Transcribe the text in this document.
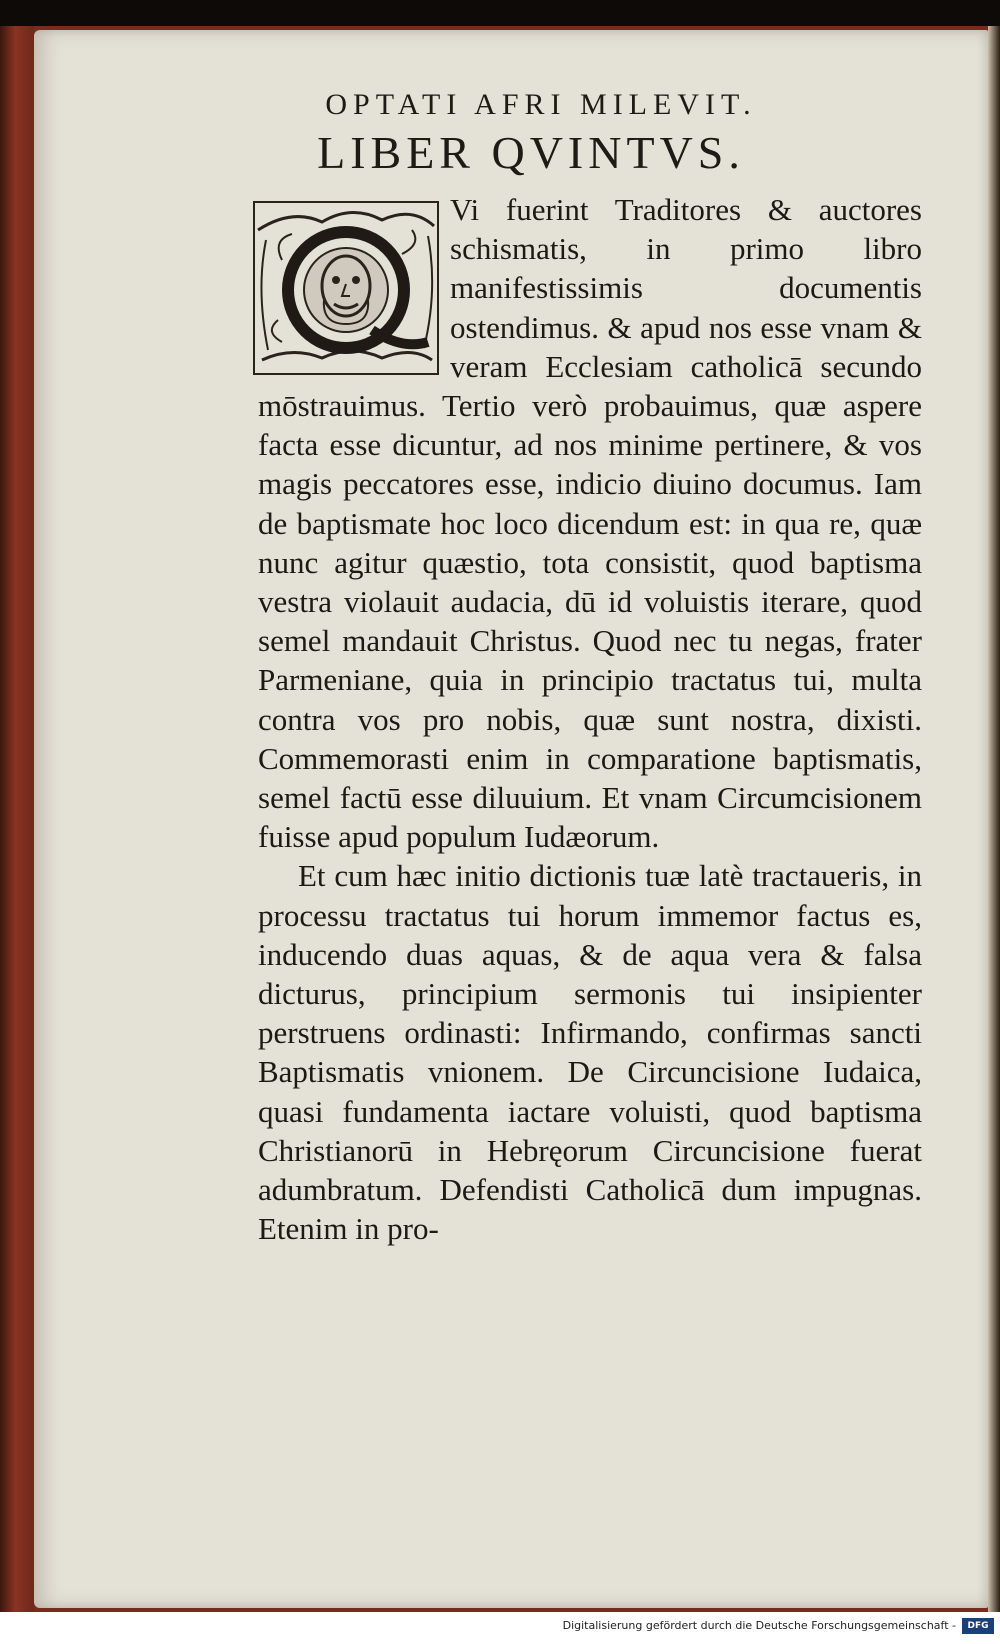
OPTATI AFRI MILEVIT.
LIBER QVINTVS.

Vi fuerint Traditores & auctores schismatis, in primo libro manifestissimis documentis ostendimus. & apud nos esse vnam & veram Ecclesiam catholicā secundo mōstrauimus. Tertio verò probauimus, quæ aspere facta esse dicuntur, ad nos minime pertinere, & vos magis peccatores esse, indicio diuino documus. Iam de baptismate hoc loco dicendum est: in qua re, quæ nunc agitur quæstio, tota consistit, quod baptisma vestra violauit audacia, dū id voluistis iterare, quod semel mandauit Christus. Quod nec tu negas, frater Parmeniane, quia in principio tractatus tui, multa contra vos pro nobis, quæ sunt nostra, dixisti. Commemorasti enim in comparatione baptismatis, semel factū esse diluuium. Et vnam Circumcisionem fuisse apud populum Iudæorum.

Et cum hæc initio dictionis tuæ latè tractaueris, in processu tractatus tui horum immemor factus es, inducendo duas aquas, & de aqua vera & falsa dicturus, principium sermonis tui insipienter perstruens ordinasti: Infirmando, confirmas sancti Baptismatis vnionem. De Circuncisione Iudaica, quasi fundamenta iactare voluisti, quod baptisma Christianorū in Hebręorum Circuncisione fuerat adumbratum. Defendisti Catholicā dum impugnas. Etenim in pro-

Digitalisierung gefördert durch die Deutsche Forschungsgemeinschaft -	DFG
